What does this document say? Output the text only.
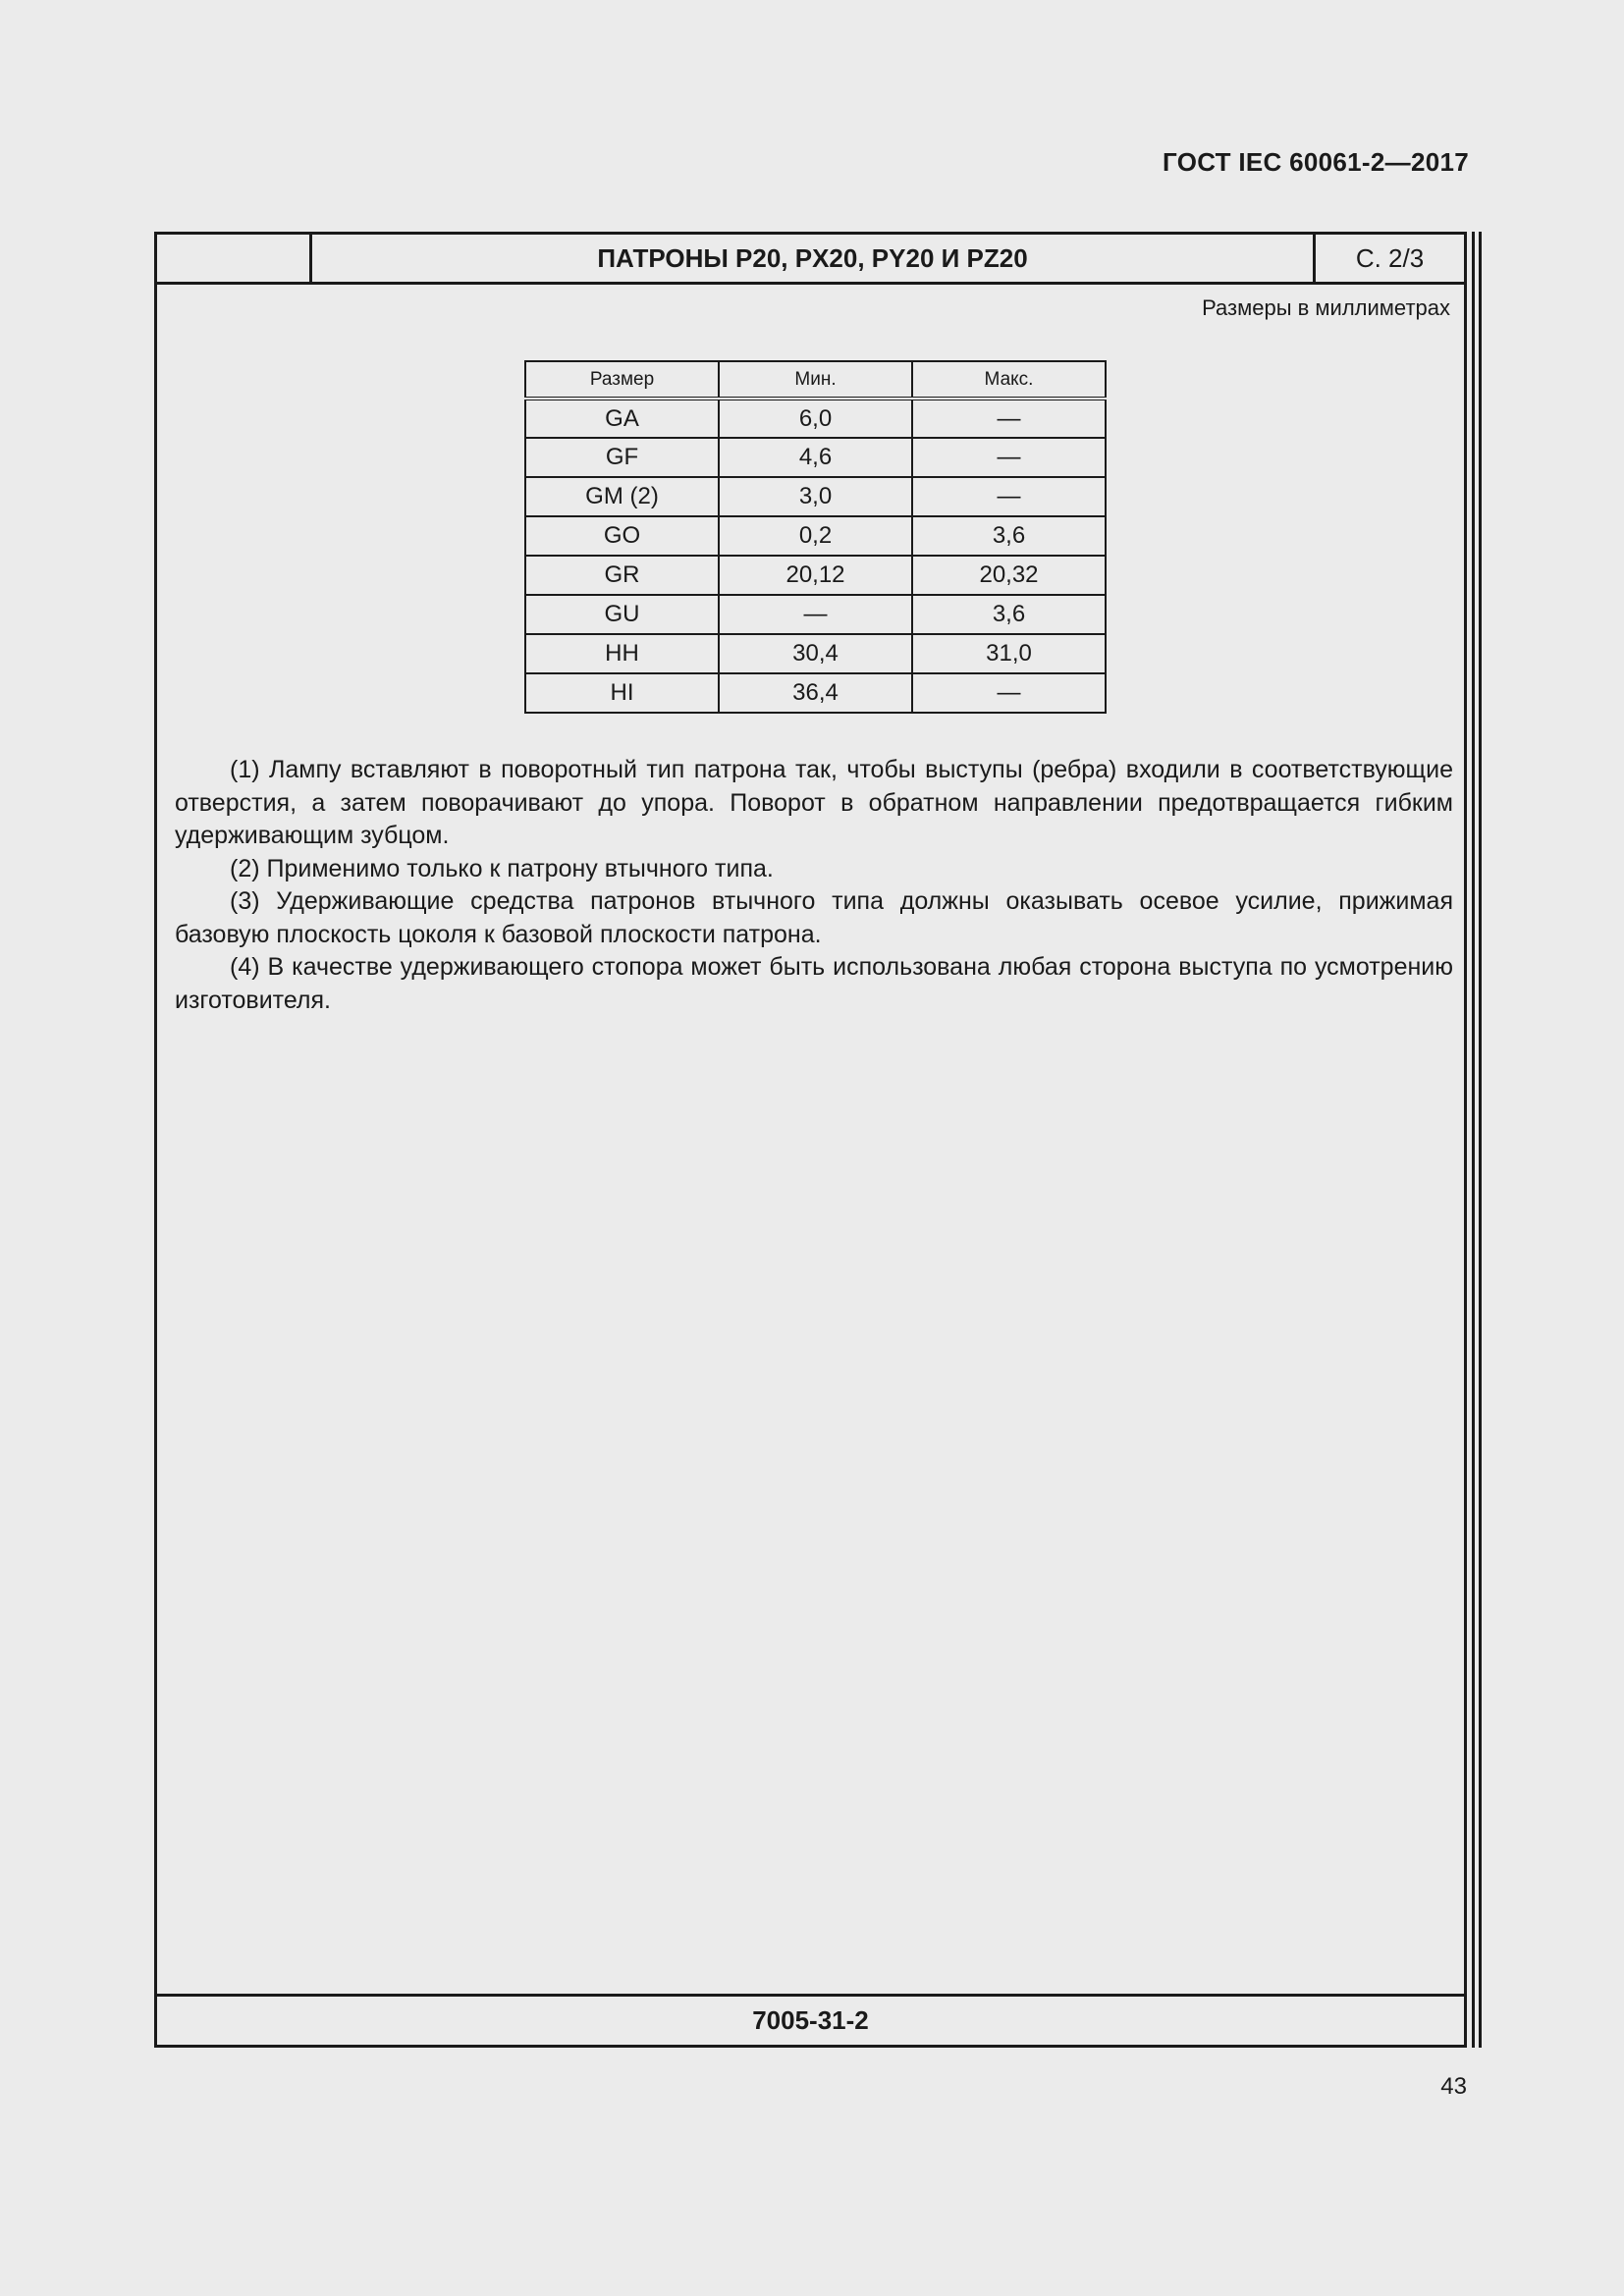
ГОСТ IEC 60061-2—2017
ПАТРОНЫ P20, PX20, PY20 И PZ20	С. 2/3
Размеры в миллиметрах
Размер	Мин.	Макс.
GA	6,0	—
GF	4,6	—
GM (2)	3,0	—
GO	0,2	3,6
GR	20,12	20,32
GU	—	3,6
HH	30,4	31,0
HI	36,4	—

(1) Лампу вставляют в поворотный тип патрона так, чтобы выступы (ребра) входили в соответствующие отверстия, а затем поворачивают до упора. Поворот в обратном направлении предотвращается гибким удерживающим зубцом.

(2) Применимо только к патрону втычного типа.

(3) Удерживающие средства патронов втычного типа должны оказывать осевое усилие, прижимая базовую плоскость цоколя к базовой плоскости патрона.

(4) В качестве удерживающего стопора может быть использована любая сторона выступа по усмотрению изготовителя.

7005-31-2
43
